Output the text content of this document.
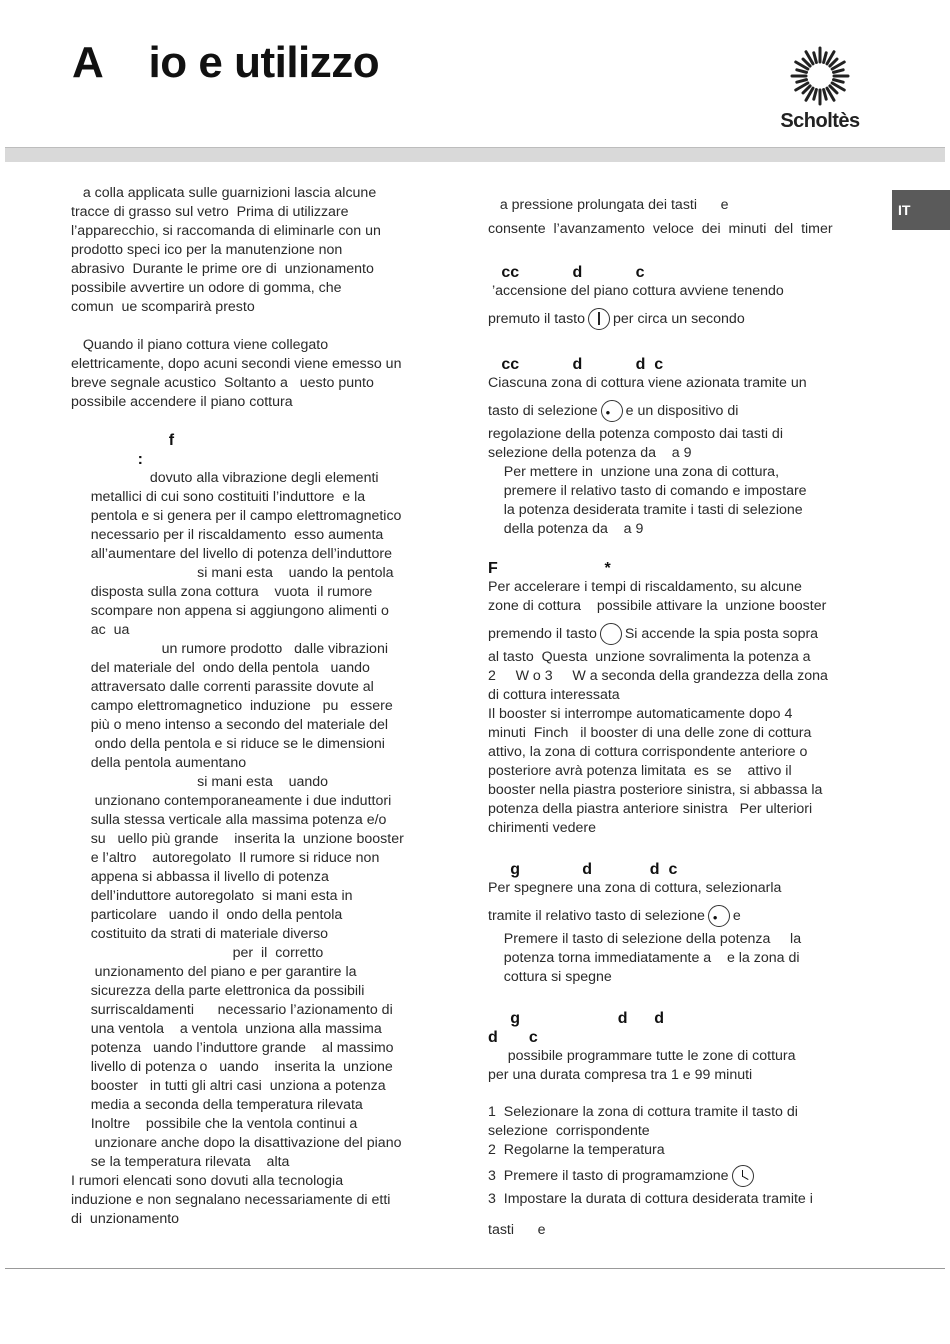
A    io e utilizzo
Scholtès
IT
a colla applicata sulle guarnizioni lascia alcune
tracce di grasso sul vetro  Prima di utilizzare
l’apparecchio, si raccomanda di eliminarle con un
prodotto speci ico per la manutenzione non
abrasivo  Durante le prime ore di  unzionamento
possibile avvertire un odore di gomma, che
comun  ue scomparirà presto
Quando il piano cottura viene collegato
elettricamente, dopo acuni secondi viene emesso un
breve segnale acustico  Soltanto a   uesto punto
possibile accendere il piano cottura
f
:
dovuto alla vibrazione degli elementi
metallici di cui sono costituiti l’induttore  e la
pentola e si genera per il campo elettromagnetico
necessario per il riscaldamento  esso aumenta
all’aumentare del livello di potenza dell’induttore
si mani esta    uando la pentola
disposta sulla zona cottura    vuota  il rumore
scompare non appena si aggiungono alimenti o
ac  ua
un rumore prodotto   dalle vibrazioni
del materiale del  ondo della pentola   uando
attraversato dalle correnti parassite dovute al
campo elettromagnetico  induzione   pu   essere
più o meno intenso a secondo del materiale del
ondo della pentola e si riduce se le dimensioni
della pentola aumentano
si mani esta    uando
unzionano contemporaneamente i due induttori
sulla stessa verticale alla massima potenza e/o
su   uello più grande    inserita la  unzione booster
e l’altro    autoregolato  Il rumore si riduce non
appena si abbassa il livello di potenza
dell’induttore autoregolato  si mani esta in
particolare   uando il  ondo della pentola
costituito da strati di materiale diverso
per  il  corretto
unzionamento del piano e per garantire la
sicurezza della parte elettronica da possibili
surriscaldamenti      necessario l’azionamento di
una ventola    a ventola  unziona alla massima
potenza   uando l’induttore grande    al massimo
livello di potenza o   uando    inserita la  unzione
booster   in tutti gli altri casi  unziona a potenza
media a seconda della temperatura rilevata
Inoltre    possibile che la ventola continui a
unzionare anche dopo la disattivazione del piano
se la temperatura rilevata    alta
I rumori elencati sono dovuti alla tecnologia
induzione e non segnalano necessariamente di etti
di  unzionamento
a pressione prolungata dei tasti      e
consente  l’avanzamento  veloce  dei  minuti  del  timer
cc            d            c
’accensione del piano cottura avviene tenendo
premuto il tasto per circa un secondo
cc            d            d  c
Ciascuna zona di cottura viene azionata tramite un
tasto di selezione • e un dispositivo di
regolazione della potenza composto dai tasti di
selezione della potenza da    a 9
Per mettere in  unzione una zona di cottura,
premere il relativo tasto di comando e impostare
la potenza desiderata tramite i tasti di selezione
della potenza da    a 9
F                        *
Per accelerare i tempi di riscaldamento, su alcune
zone di cottura    possibile attivare la  unzione booster
premendo il tasto Si accende la spia posta sopra
al tasto  Questa  unzione sovralimenta la potenza a
2     W o 3     W a seconda della grandezza della zona
di cottura interessata
Il booster si interrompe automaticamente dopo 4
minuti  Finch   il booster di una delle zone di cottura
attivo, la zona di cottura corrispondente anteriore o
posteriore avrà potenza limitata  es  se    attivo il
booster nella piastra posteriore sinistra, si abbassa la
potenza della piastra anteriore sinistra   Per ulteriori
chirimenti vedere
g              d             d  c
Per spegnere una zona di cottura, selezionarla
tramite il relativo tasto di selezione • e
Premere il tasto di selezione della potenza     la
potenza torna immediatamente a    e la zona di
cottura si spegne
g                      d      d
d       c
possibile programmare tutte le zone di cottura
per una durata compresa tra 1 e 99 minuti
1  Selezionare la zona di cottura tramite il tasto di
selezione  corrispondente
2  Regolarne la temperatura
3  Premere il tasto di programamzione
3  Impostare la durata di cottura desiderata tramite i
tasti      e
